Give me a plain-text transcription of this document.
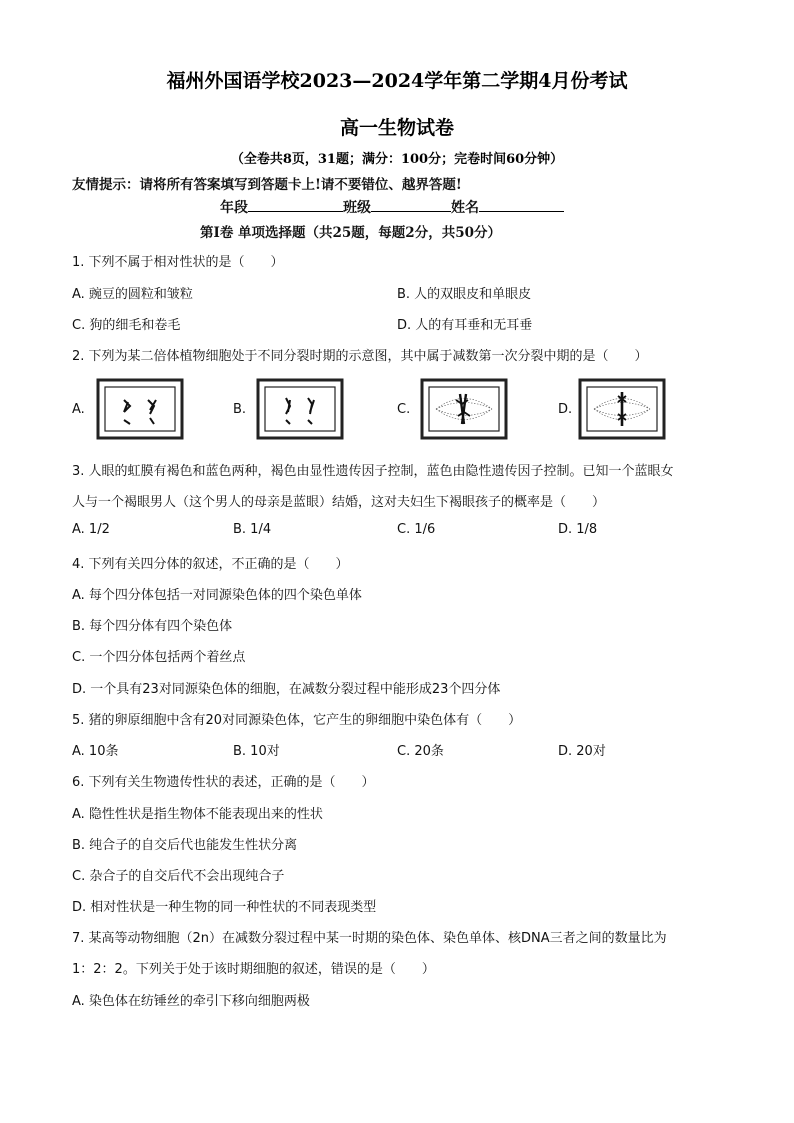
福州外国语学校2023—2024学年第二学期4月份考试
高一生物试卷
（全卷共8页，31题；满分：100分；完卷时间60分钟）
友情提示：请将所有答案填写到答题卡上!请不要错位、越界答题!
年段	班级	姓名
第Ⅰ卷 单项选择题（共25题，每题2分，共50分）
1. 下列不属于相对性状的是（　　）
A. 豌豆的圆粒和皱粒	B. 人的双眼皮和单眼皮
C. 狗的细毛和卷毛	D. 人的有耳垂和无耳垂
2. 下列为某二倍体植物细胞处于不同分裂时期的示意图，其中属于减数第一次分裂中期的是（　　）
A.	B.	C.	D.
3. 人眼的虹膜有褐色和蓝色两种，褐色由显性遗传因子控制，蓝色由隐性遗传因子控制。已知一个蓝眼女
人与一个褐眼男人（这个男人的母亲是蓝眼）结婚，这对夫妇生下褐眼孩子的概率是（　　）
A. 1/2	B. 1/4	C. 1/6	D. 1/8
4. 下列有关四分体的叙述，不正确的是（　　）
A. 每个四分体包括一对同源染色体的四个染色单体
B. 每个四分体有四个染色体
C. 一个四分体包括两个着丝点
D. 一个具有23对同源染色体的细胞，在减数分裂过程中能形成23个四分体
5. 猪的卵原细胞中含有20对同源染色体，它产生的卵细胞中染色体有（　　）
A. 10条	B. 10对	C. 20条	D. 20对
6. 下列有关生物遗传性状的表述，正确的是（　　）
A. 隐性性状是指生物体不能表现出来的性状
B. 纯合子的自交后代也能发生性状分离
C. 杂合子的自交后代不会出现纯合子
D. 相对性状是一种生物的同一种性状的不同表现类型
7. 某高等动物细胞（2n）在减数分裂过程中某一时期的染色体、染色单体、核DNA三者之间的数量比为
1：2：2。下列关于处于该时期细胞的叙述，错误的是（　　）
A. 染色体在纺锤丝的牵引下移向细胞两极
